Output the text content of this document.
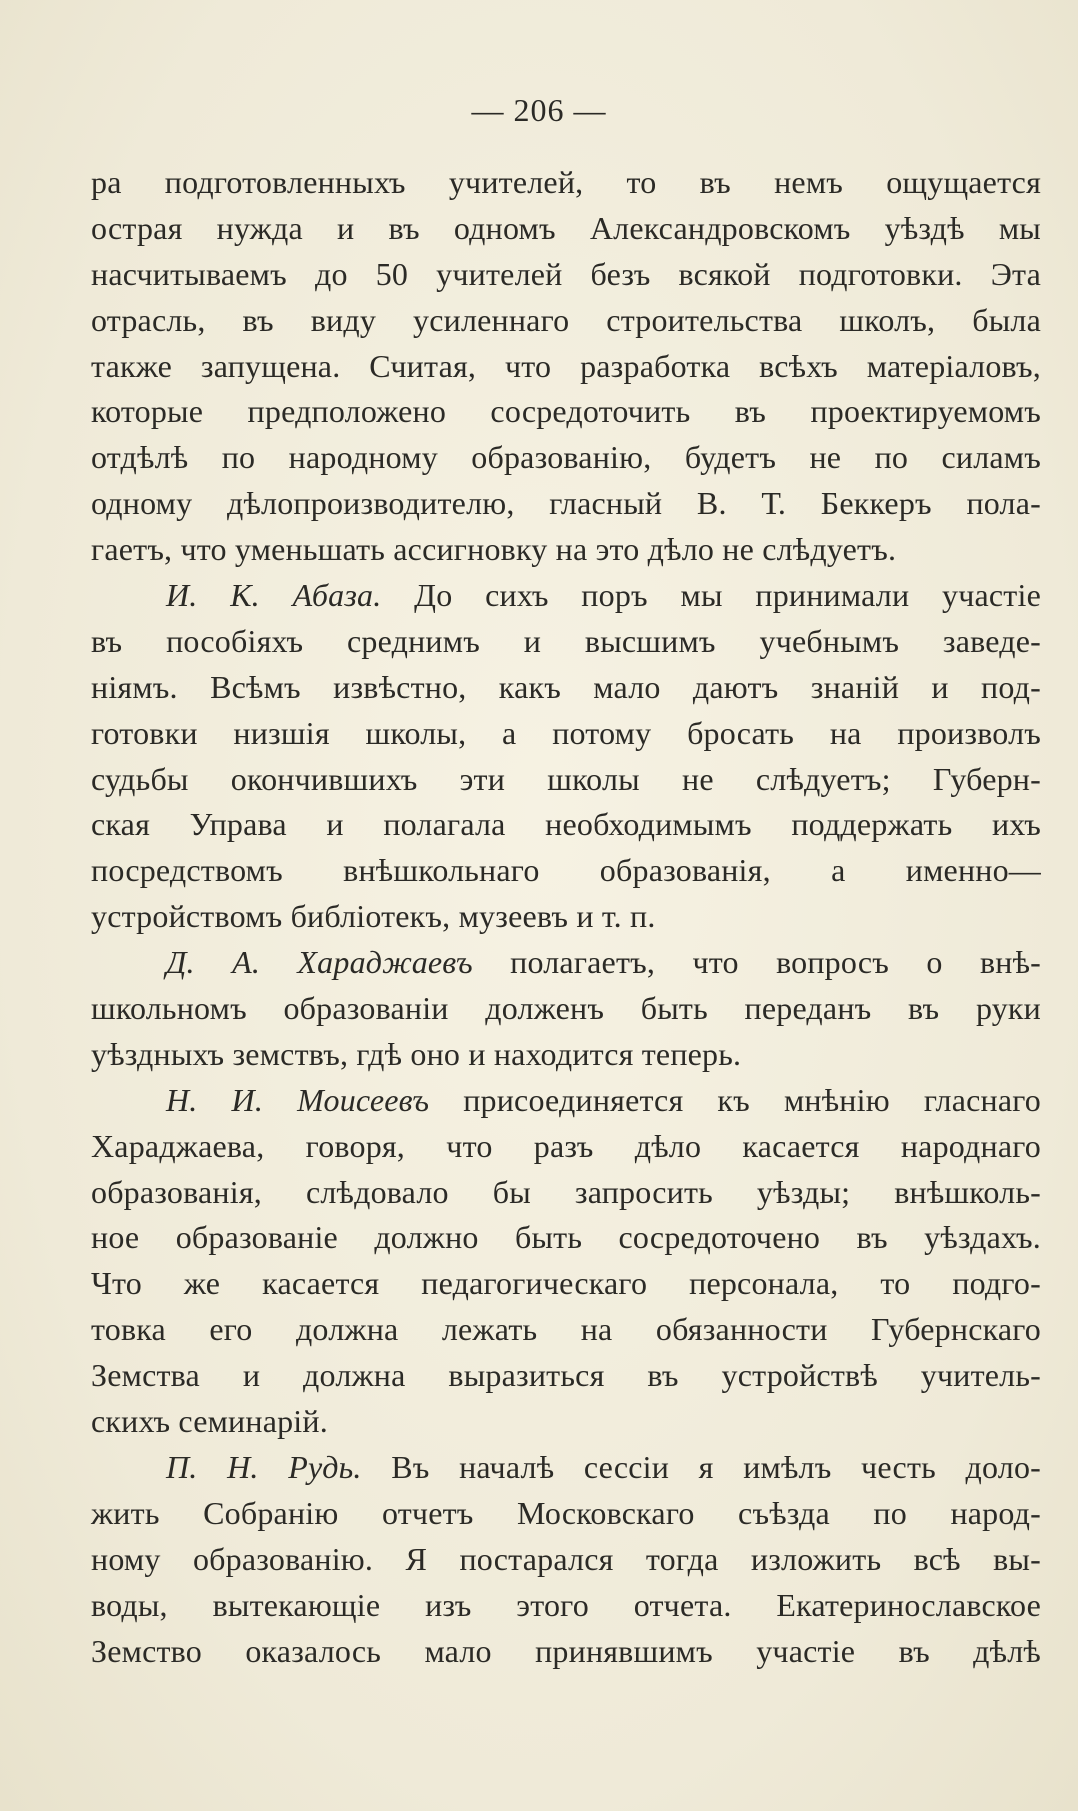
— 206 —
ра подготовленныхъ учителей, то въ немъ ощущается
острая нужда и въ одномъ Александровскомъ уѣздѣ мы
насчитываемъ до 50 учителей безъ всякой подготовки. Эта
отрасль, въ виду усиленнаго строительства школъ, была
также запущена. Считая, что разработка всѣхъ матеріаловъ,
которые предположено сосредоточить въ проектируемомъ
отдѣлѣ по народному образованію, будетъ не по силамъ
одному дѣлопроизводителю, гласный В. Т. Беккеръ пола-
гаетъ, что уменьшать ассигновку на это дѣло не слѣдуетъ.
И. К. Абаза. До сихъ поръ мы принимали участіе
въ пособіяхъ среднимъ и высшимъ учебнымъ заведе-
ніямъ. Всѣмъ извѣстно, какъ мало даютъ знаній и под-
готовки низшія школы, а потому бросать на произволъ
судьбы окончившихъ эти школы не слѣдуетъ; Губерн-
ская Управа и полагала необходимымъ поддержать ихъ
посредствомъ внѣшкольнаго образованія, а именно—
устройствомъ библіотекъ, музеевъ и т. п.
Д. А. Хараджаевъ полагаетъ, что вопросъ о внѣ-
школьномъ образованіи долженъ быть переданъ въ руки
уѣздныхъ земствъ, гдѣ оно и находится теперь.
Н. И. Моисеевъ присоединяется къ мнѣнію гласнаго
Хараджаева, говоря, что разъ дѣло касается народнаго
образованія, слѣдовало бы запросить уѣзды; внѣшколь-
ное образованіе должно быть сосредоточено въ уѣздахъ.
Что же касается педагогическаго персонала, то подго-
товка его должна лежать на обязанности Губернскаго
Земства и должна выразиться въ устройствѣ учитель-
скихъ семинарій.
П. Н. Рудь. Въ началѣ сессіи я имѣлъ честь доло-
жить Собранію отчетъ Московскаго съѣзда по народ-
ному образованію. Я постарался тогда изложить всѣ вы-
воды, вытекающіе изъ этого отчета. Екатеринославское
Земство оказалось мало принявшимъ участіе въ дѣлѣ
